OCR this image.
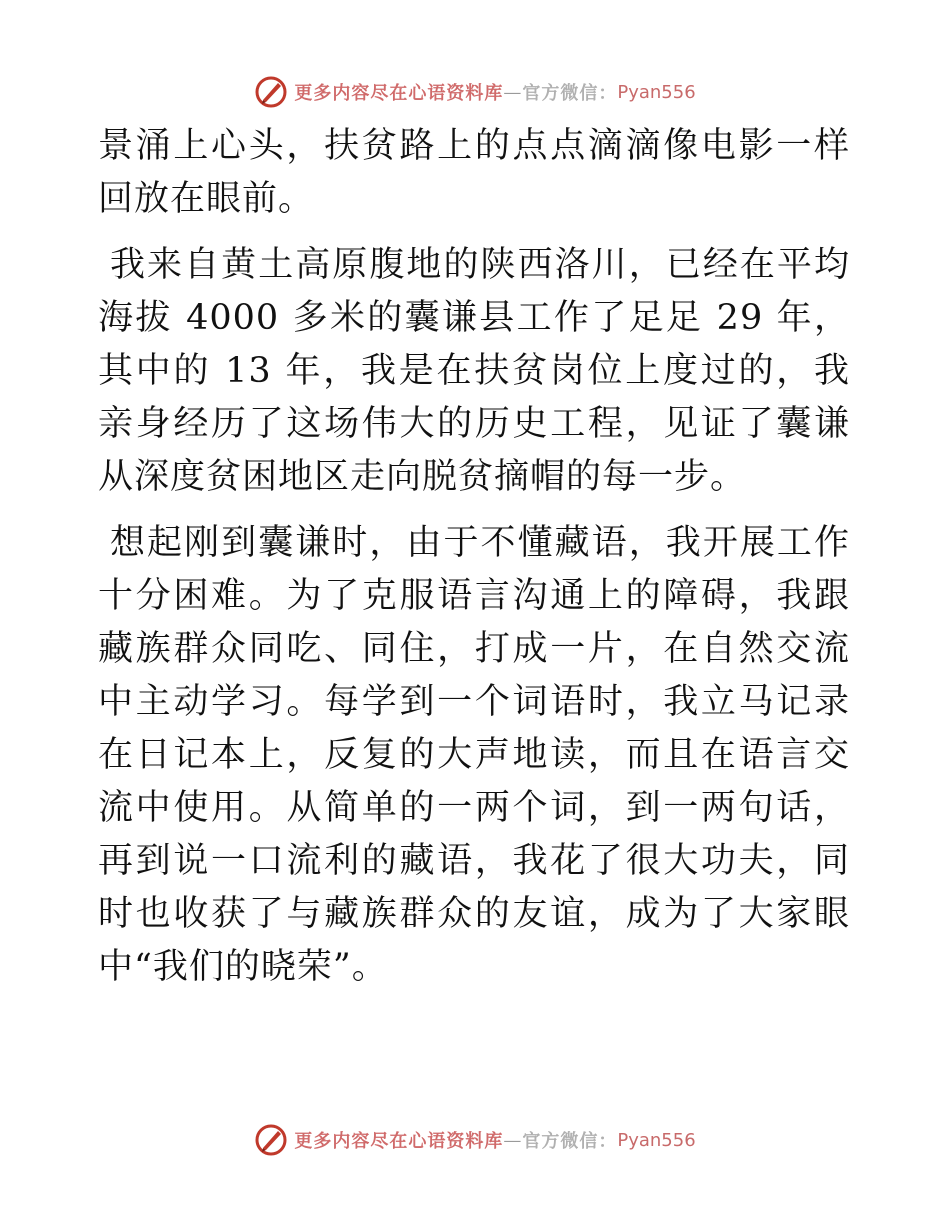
更多内容尽在心语资料库 — 官方微信： Pyan556

景涌上心头，扶贫路上的点点滴滴像电影一样回放在眼前。

我来自黄土高原腹地的陕西洛川，已经在平均海拔 4000 多米的囊谦县工作了足足 29 年，其中的 13 年，我是在扶贫岗位上度过的，我亲身经历了这场伟大的历史工程，见证了囊谦从深度贫困地区走向脱贫摘帽的每一步。

想起刚到囊谦时，由于不懂藏语，我开展工作十分困难。为了克服语言沟通上的障碍，我跟藏族群众同吃、同住，打成一片，在自然交流中主动学习。每学到一个词语时，我立马记录在日记本上，反复的大声地读，而且在语言交流中使用。从简单的一两个词，到一两句话，再到说一口流利的藏语，我花了很大功夫，同时也收获了与藏族群众的友谊，成为了大家眼中“我们的晓荣”。

更多内容尽在心语资料库 — 官方微信： Pyan556
